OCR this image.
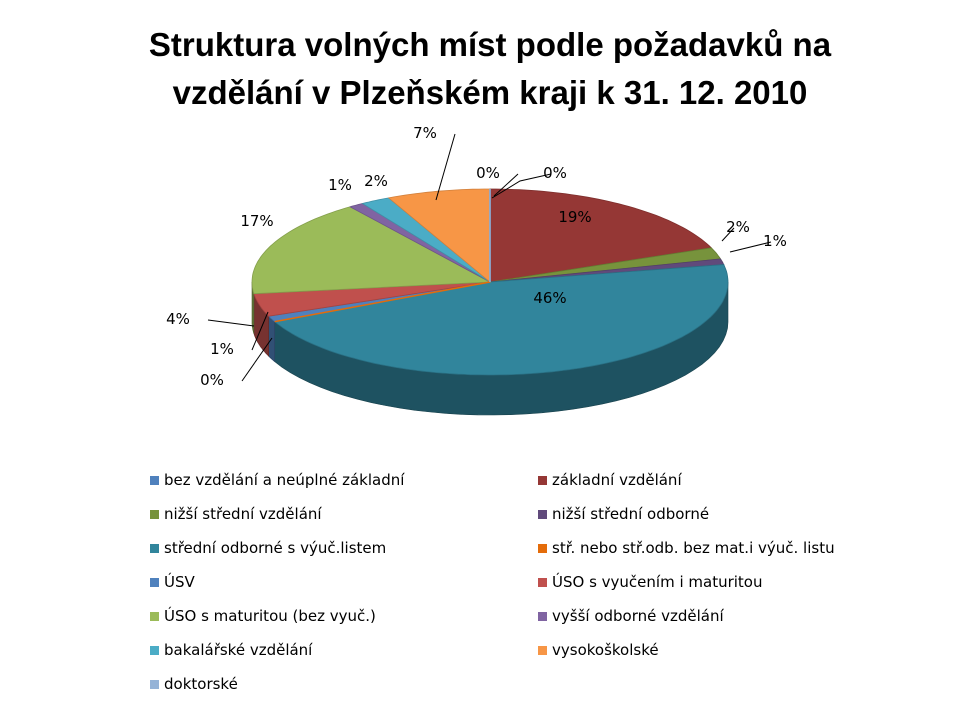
Struktura volných míst podle požadavků na
vzdělání v Plzeňském kraji k 31. 12. 2010
0%
19%
2%
1%
46%
0%
1%
4%
17%
1% 2%
7%
0%
bez vzdělání a neúplné základní	základní vzdělání
nižší střední vzdělání	nižší střední odborné
střední odborné s výuč.listem	stř. nebo stř.odb. bez mat.i výuč. listu
ÚSV	ÚSO s vyučením i maturitou
ÚSO s maturitou (bez vyuč.)	vyšší odborné vzdělání
bakalářské vzdělání	vysokoškolské
doktorské
